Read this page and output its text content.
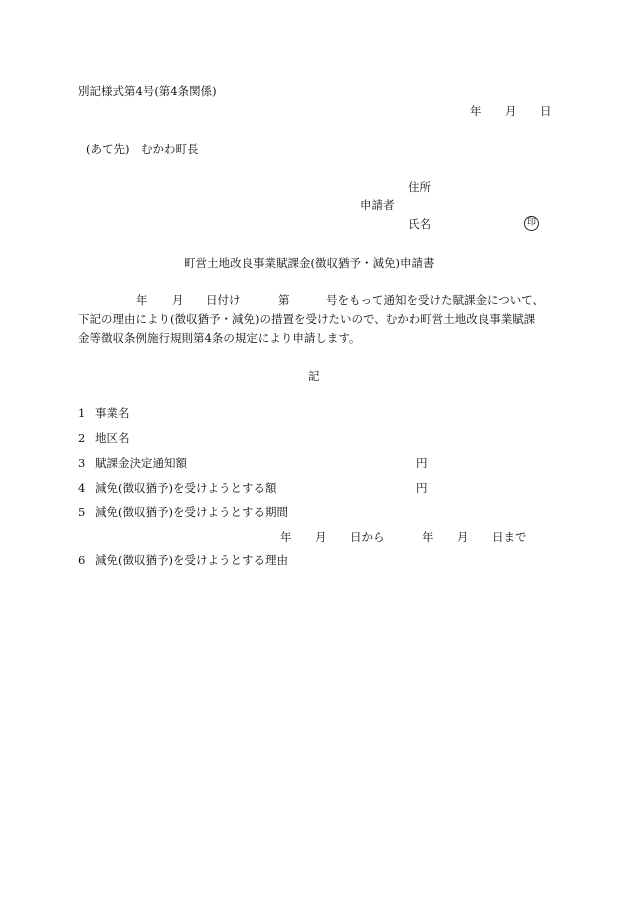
別記様式第4号(第4条関係)
年 月 日
(あて先)　むかわ町長
住所
申請者
氏名	印
町営土地改良事業賦課金(徴収猶予・減免)申請書
年 月 日付け	第	号をもって通知を受けた賦課金について、
下記の理由により(徴収猶予・減免)の措置を受けたいので、むかわ町営土地改良事業賦課
金等徴収条例施行規則第4条の規定により申請します。
記
1 事業名
2 地区名
3 賦課金決定通知額	円
4 減免(徴収猶予)を受けようとする額	円
5 減免(徴収猶予)を受けようとする期間
年 月 日から	年 月 日まで
6 減免(徴収猶予)を受けようとする理由
